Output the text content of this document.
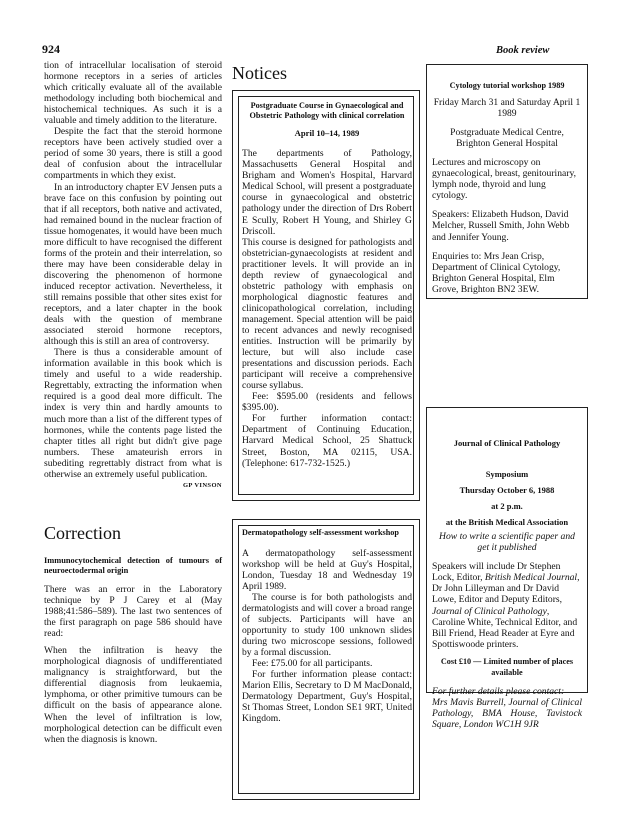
924	Book review

tion of intracellular localisation of steroid hormone receptors in a series of articles which critically evaluate all of the available methodology including both biochemical and histochemical techniques. As such it is a valuable and timely addition to the literature.

Despite the fact that the steroid hormone receptors have been actively studied over a period of some 30 years, there is still a good deal of confusion about the intracellular compartments in which they exist.

In an introductory chapter EV Jensen puts a brave face on this confusion by pointing out that if all receptors, both native and activated, had remained bound in the nuclear fraction of tissue homogenates, it would have been much more difficult to have recognised the different forms of the protein and their interrelation, so there may have been considerable delay in discovering the phenomenon of hormone induced receptor activation. Nevertheless, it still remains possible that other sites exist for receptors, and a later chapter in the book deals with the question of membrane associated steroid hormone receptors, although this is still an area of controversy.

There is thus a considerable amount of information available in this book which is timely and useful to a wide readership. Regrettably, extracting the information when required is a good deal more difficult. The index is very thin and hardly amounts to much more than a list of the different types of hormones, while the contents page listed the chapter titles all right but didn't give page numbers. These amateurish errors in subediting regrettably distract from what is otherwise an extremely useful publication.

GP VINSON

Notices
Correction

Immunocytochemical detection of tumours of neuroectodermal origin

There was an error in the Laboratory technique by P J Carey et al (May 1988;41:586–589). The last two sentences of the first paragraph on page 586 should have read:

When the infiltration is heavy the morphological diagnosis of undifferentiated malignancy is straightforward, but the differential diagnosis from leukaemia, lymphoma, or other primitive tumours can be difficult on the basis of appearance alone. When the level of infiltration is low, morphological detection can be difficult even when the diagnosis is known.

Postgraduate Course in Gynaecological and Obstetric Pathology with clinical correlation

April 10–14, 1989

The departments of Pathology, Massachusetts General Hospital and Brigham and Women's Hospital, Harvard Medical School, will present a postgraduate course in gynaecological and obstetric pathology under the direction of Drs Robert E Scully, Robert H Young, and Shirley G Driscoll.

This course is designed for pathologists and obstetrician-gynaecologists at resident and practitioner levels. It will provide an in depth review of gynaecological and obstetric pathology with emphasis on morphological diagnostic features and clinicopathological correlation, including management. Special attention will be paid to recent advances and newly recognised entities. Instruction will be primarily by lecture, but will also include case presentations and discussion periods. Each participant will receive a comprehensive course syllabus.

Fee: $595.00 (residents and fellows $395.00).

For further information contact: Department of Continuing Education, Harvard Medical School, 25 Shattuck Street, Boston, MA 02115, USA. (Telephone: 617-732-1525.)

Dermatopathology self-assessment workshop

A dermatopathology self-assessment workshop will be held at Guy's Hospital, London, Tuesday 18 and Wednesday 19 April 1989.

The course is for both pathologists and dermatologists and will cover a broad range of subjects. Participants will have an opportunity to study 100 unknown slides during two microscope sessions, followed by a formal discussion.

Fee: £75.00 for all participants.

For further information please contact: Marion Ellis, Secretary to D M MacDonald, Dermatology Department, Guy's Hospital, St Thomas Street, London SE1 9RT, United Kingdom.

Cytology tutorial workshop 1989

Friday March 31 and Saturday April 1 1989

Postgraduate Medical Centre, Brighton General Hospital

Lectures and microscopy on gynaecological, breast, genitourinary, lymph node, thyroid and lung cytology.

Speakers: Elizabeth Hudson, David Melcher, Russell Smith, John Webb and Jennifer Young.

Enquiries to: Mrs Jean Crisp, Department of Clinical Cytology, Brighton General Hospital, Elm Grove, Brighton BN2 3EW.

Journal of Clinical Pathology

Symposium

Thursday October 6, 1988

at 2 p.m.

at the British Medical Association

How to write a scientific paper and get it published

Speakers will include Dr Stephen Lock, Editor, British Medical Journal, Dr John Lilleyman and Dr David Lowe, Editor and Deputy Editors, Journal of Clinical Pathology, Caroline White, Technical Editor, and Bill Friend, Head Reader at Eyre and Spottiswoode printers.

Cost £10 — Limited number of places available

For further details please contact:

Mrs Mavis Burrell, Journal of Clinical Pathology, BMA House, Tavistock Square, London WC1H 9JR
